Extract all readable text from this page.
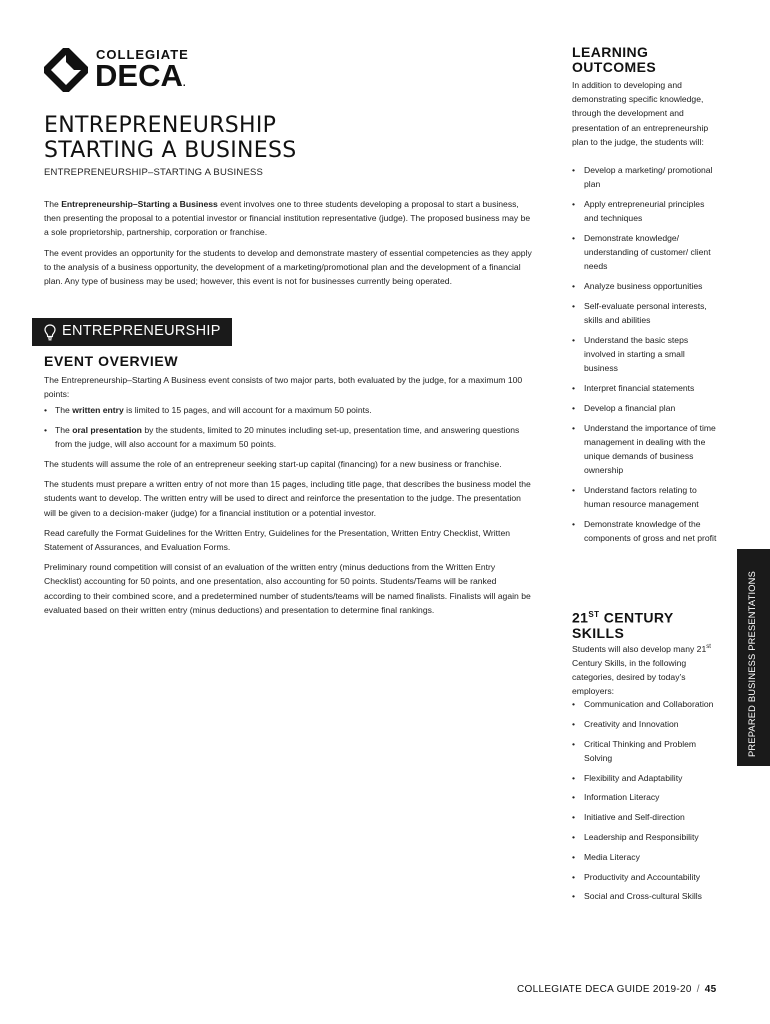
COLLEGIATE
DECA.
ENTREPRENEURSHIP
STARTING A BUSINESS
ENTREPRENEURSHIP–STARTING A BUSINESS

The Entrepreneurship–Starting a Business event involves one to three students developing a proposal to start a business, then presenting the proposal to a potential investor or financial institution representative (judge). The proposed business may be a sole proprietorship, partnership, corporation or franchise.

The event provides an opportunity for the students to develop and demonstrate mastery of essential competencies as they apply to the analysis of a business opportunity, the development of a marketing/promotional plan and the development of a financial plan. Any type of business may be used; however, this event is not for businesses currently being operated.

ENTREPRENEURSHIP
EVENT OVERVIEW

The Entrepreneurship–Starting A Business event consists of two major parts, both evaluated by the judge, for a maximum 100 points:

• The written entry is limited to 15 pages, and will account for a maximum 50 points.
• The oral presentation by the students, limited to 20 minutes including set-up, presentation time, and answering questions from the judge, will also account for a maximum 50 points.

The students will assume the role of an entrepreneur seeking start-up capital (financing) for a new business or franchise.

The students must prepare a written entry of not more than 15 pages, including title page, that describes the business model the students want to develop. The written entry will be used to direct and reinforce the presentation to the judge. The presentation will be given to a decision-maker (judge) for a financial institution or a potential investor.

Read carefully the Format Guidelines for the Written Entry, Guidelines for the Presentation, Written Entry Checklist, Written Statement of Assurances, and Evaluation Forms.

Preliminary round competition will consist of an evaluation of the written entry (minus deductions from the Written Entry Checklist) accounting for 50 points, and one presentation, also accounting for 50 points. Students/Teams will be ranked according to their combined score, and a predetermined number of students/teams will be named finalists. Finalists will again be evaluated based on their written entry (minus deductions) and presentation to determine final rankings.

LEARNING
OUTCOMES
In addition to developing and demonstrating specific knowledge, through the development and presentation of an entrepreneurship plan to the judge, the students will:
• Develop a marketing/ promotional plan
• Apply entrepreneurial principles and techniques
• Demonstrate knowledge/ understanding of customer/ client needs
• Analyze business opportunities
• Self-evaluate personal interests, skills and abilities
• Understand the basic steps involved in starting a small business
• Interpret financial statements
• Develop a financial plan
• Understand the importance of time management in dealing with the unique demands of business ownership
• Understand factors relating to human resource management
• Demonstrate knowledge of the components of gross and net profit
21ST CENTURY
SKILLS
Students will also develop many 21st Century Skills, in the following categories, desired by today’s employers:
• Communication and Collaboration
• Creativity and Innovation
• Critical Thinking and Problem Solving
• Flexibility and Adaptability
• Information Literacy
• Initiative and Self-direction
• Leadership and Responsibility
• Media Literacy
• Productivity and Accountability
• Social and Cross-cultural Skills
PREPARED BUSINESS PRESENTATIONS
COLLEGIATE DECA GUIDE 2019-20 / 45
